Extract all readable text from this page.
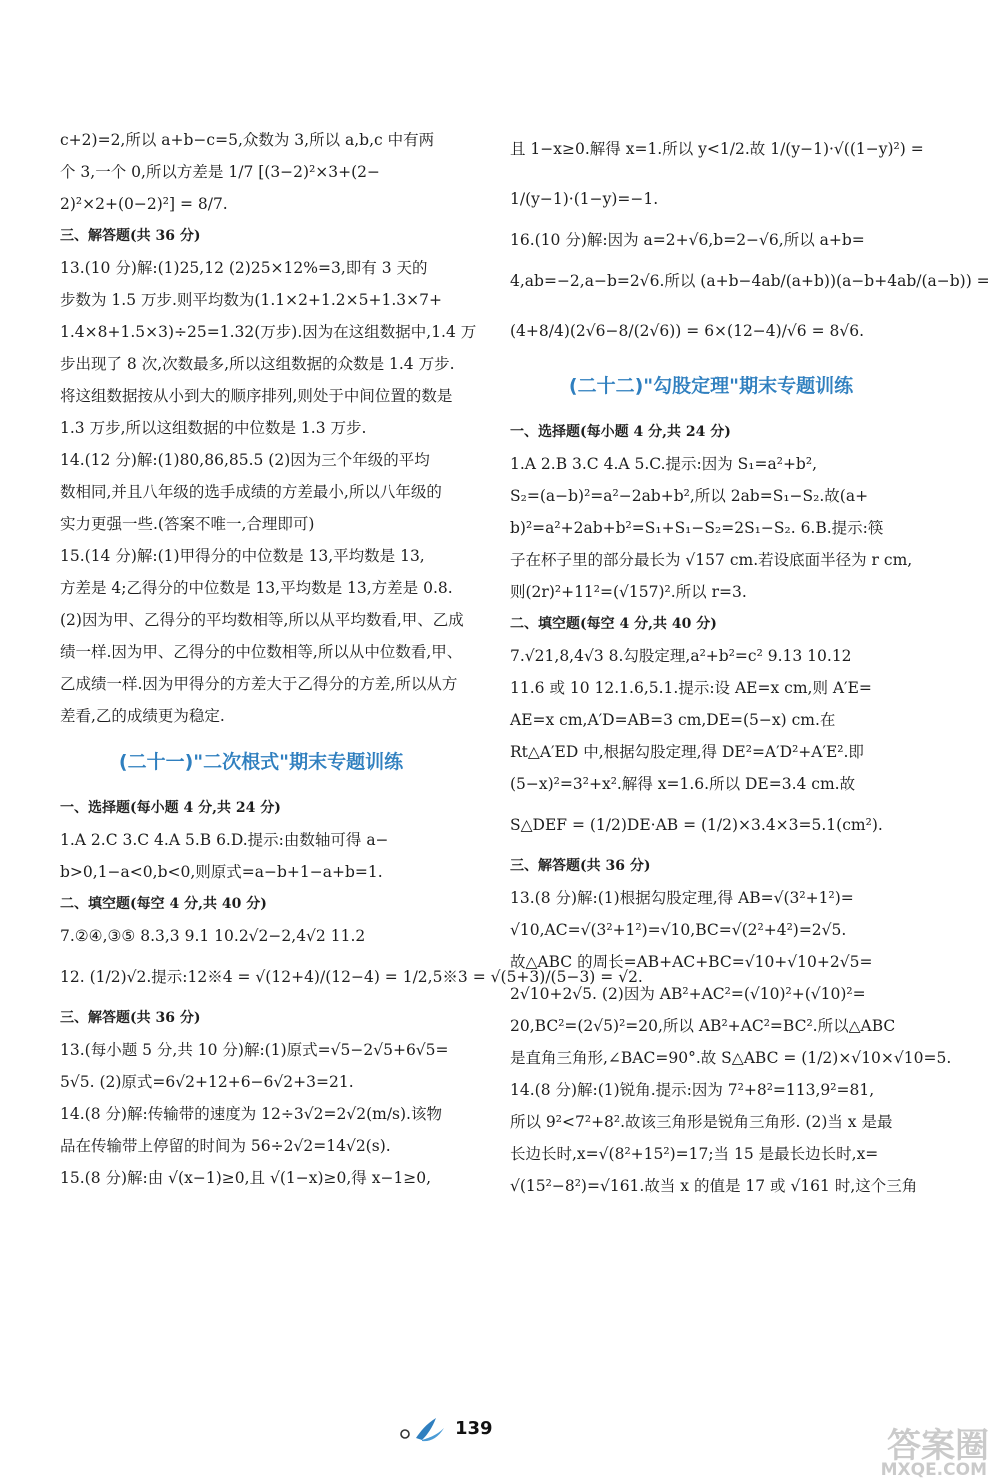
c+2)=2,所以 a+b−c=5,众数为 3,所以 a,b,c 中有两
个 3,一个 0,所以方差是 1/7 [(3−2)²×3+(2−
2)²×2+(0−2)²] = 8/7.
三、解答题(共 36 分)
13.(10 分)解:(1)25,12 (2)25×12%=3,即有 3 天的
步数为 1.5 万步.则平均数为(1.1×2+1.2×5+1.3×7+
1.4×8+1.5×3)÷25=1.32(万步).因为在这组数据中,1.4 万
步出现了 8 次,次数最多,所以这组数据的众数是 1.4 万步.
将这组数据按从小到大的顺序排列,则处于中间位置的数是
1.3 万步,所以这组数据的中位数是 1.3 万步.
14.(12 分)解:(1)80,86,85.5 (2)因为三个年级的平均
数相同,并且八年级的选手成绩的方差最小,所以八年级的
实力更强一些.(答案不唯一,合理即可)
15.(14 分)解:(1)甲得分的中位数是 13,平均数是 13,
方差是 4;乙得分的中位数是 13,平均数是 13,方差是 0.8.
(2)因为甲、乙得分的平均数相等,所以从平均数看,甲、乙成
绩一样.因为甲、乙得分的中位数相等,所以从中位数看,甲、
乙成绩一样.因为甲得分的方差大于乙得分的方差,所以从方
差看,乙的成绩更为稳定.
(二十一)"二次根式"期末专题训练
一、选择题(每小题 4 分,共 24 分)
1.A 2.C 3.C 4.A 5.B 6.D.提示:由数轴可得 a−
b>0,1−a<0,b<0,则原式=a−b+1−a+b=1.
二、填空题(每空 4 分,共 40 分)
7.②④,③⑤ 8.3,3 9.1 10.2√2−2,4√2 11.2
12. (1/2)√2.提示:12※4 = √(12+4)/(12−4) = 1/2,5※3 = √(5+3)/(5−3) = √2.
三、解答题(共 36 分)
13.(每小题 5 分,共 10 分)解:(1)原式=√5−2√5+6√5=
5√5. (2)原式=6√2+12+6−6√2+3=21.
14.(8 分)解:传输带的速度为 12÷3√2=2√2(m/s).该物
品在传输带上停留的时间为 56÷2√2=14√2(s).
15.(8 分)解:由 √(x−1)≥0,且 √(1−x)≥0,得 x−1≥0,
且 1−x≥0.解得 x=1.所以 y<1/2.故 1/(y−1)·√((1−y)²) =
1/(y−1)·(1−y)=−1.
16.(10 分)解:因为 a=2+√6,b=2−√6,所以 a+b=
4,ab=−2,a−b=2√6.所以 (a+b−4ab/(a+b))(a−b+4ab/(a−b)) =
(4+8/4)(2√6−8/(2√6)) = 6×(12−4)/√6 = 8√6.
(二十二)"勾股定理"期末专题训练
一、选择题(每小题 4 分,共 24 分)
1.A 2.B 3.C 4.A 5.C.提示:因为 S₁=a²+b²,
S₂=(a−b)²=a²−2ab+b²,所以 2ab=S₁−S₂.故(a+
b)²=a²+2ab+b²=S₁+S₁−S₂=2S₁−S₂. 6.B.提示:筷
子在杯子里的部分最长为 √157 cm.若设底面半径为 r cm,
则(2r)²+11²=(√157)².所以 r=3.
二、填空题(每空 4 分,共 40 分)
7.√21,8,4√3 8.勾股定理,a²+b²=c² 9.13 10.12
11.6 或 10 12.1.6,5.1.提示:设 AE=x cm,则 A′E=
AE=x cm,A′D=AB=3 cm,DE=(5−x) cm.在
Rt△A′ED 中,根据勾股定理,得 DE²=A′D²+A′E².即
(5−x)²=3²+x².解得 x=1.6.所以 DE=3.4 cm.故
S△DEF = (1/2)DE·AB = (1/2)×3.4×3=5.1(cm²).
三、解答题(共 36 分)
13.(8 分)解:(1)根据勾股定理,得 AB=√(3²+1²)=
√10,AC=√(3²+1²)=√10,BC=√(2²+4²)=2√5.
故△ABC 的周长=AB+AC+BC=√10+√10+2√5=
2√10+2√5. (2)因为 AB²+AC²=(√10)²+(√10)²=
20,BC²=(2√5)²=20,所以 AB²+AC²=BC².所以△ABC
是直角三角形,∠BAC=90°.故 S△ABC = (1/2)×√10×√10=5.
14.(8 分)解:(1)锐角.提示:因为 7²+8²=113,9²=81,
所以 9²<7²+8².故该三角形是锐角三角形. (2)当 x 是最
长边长时,x=√(8²+15²)=17;当 15 是最长边长时,x=
√(15²−8²)=√161.故当 x 的值是 17 或 √161 时,这个三角
139	答案圈
MXQE.COM
